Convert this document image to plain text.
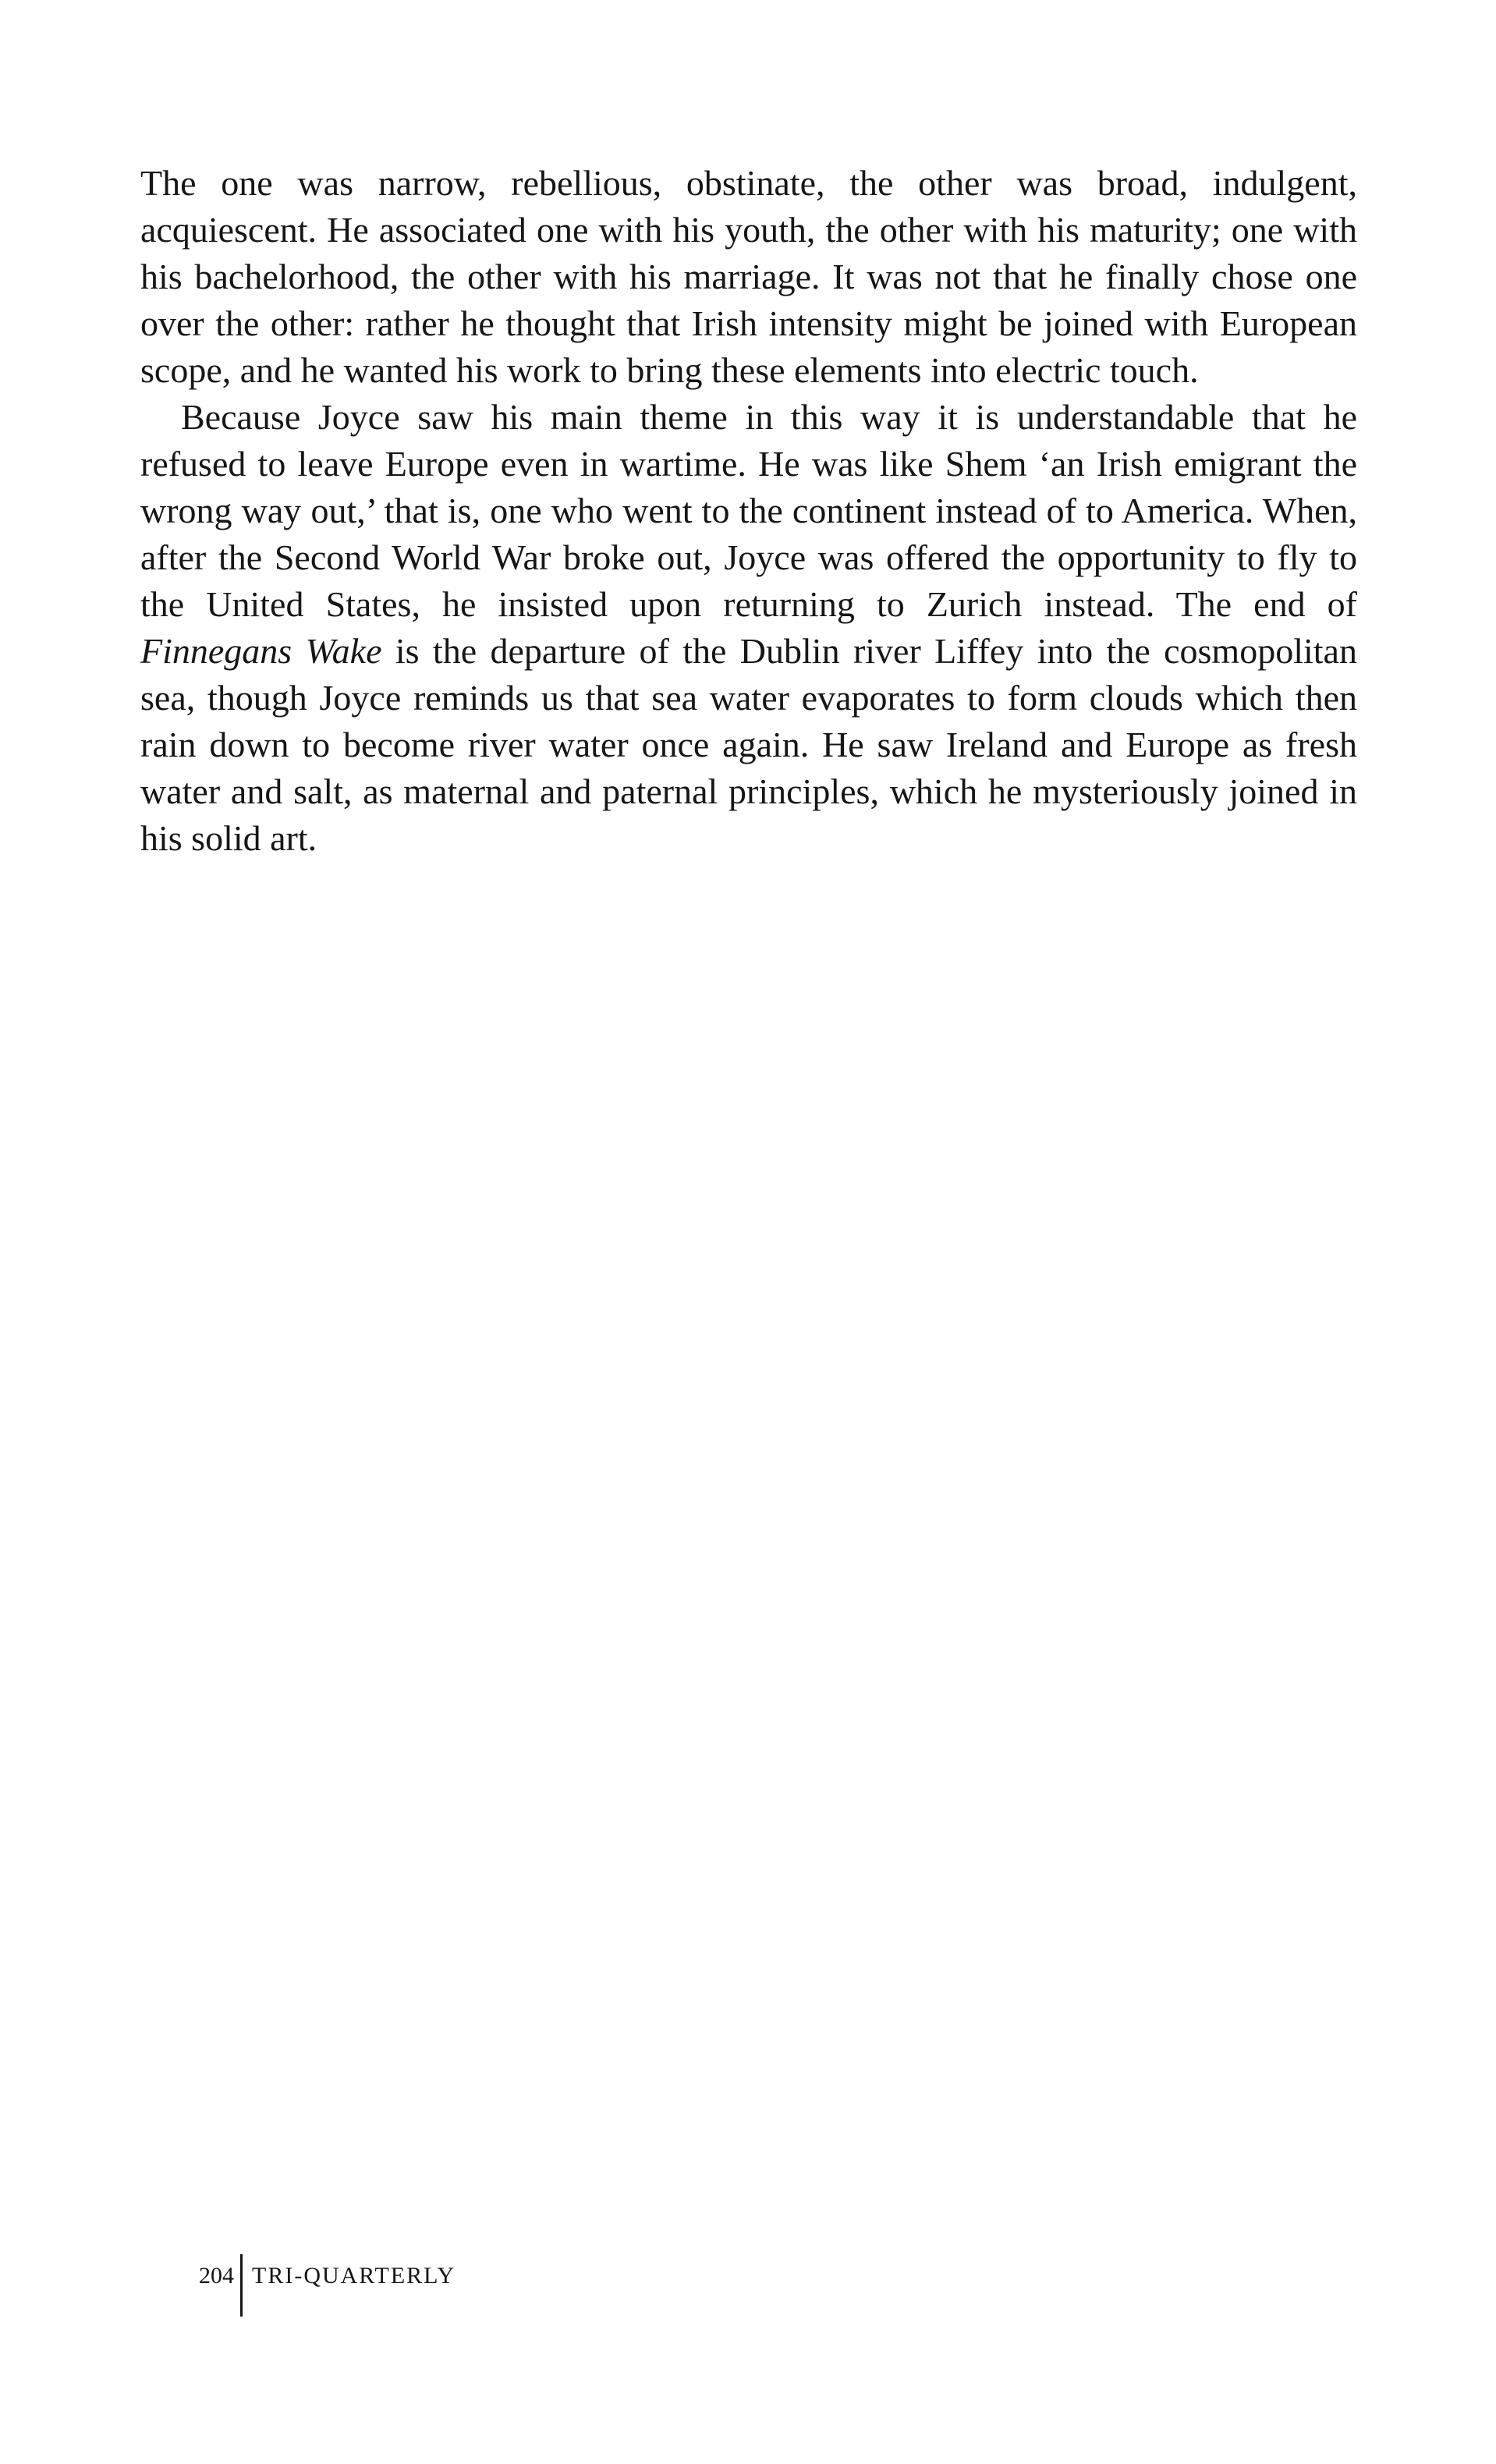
The one was narrow, rebellious, obstinate, the other was broad, indulgent, acquiescent. He associated one with his youth, the other with his maturity; one with his bachelorhood, the other with his marriage. It was not that he finally chose one over the other: rather he thought that Irish intensity might be joined with European scope, and he wanted his work to bring these elements into electric touch.

Because Joyce saw his main theme in this way it is understandable that he refused to leave Europe even in wartime. He was like Shem ‘an Irish emigrant the wrong way out,’ that is, one who went to the continent instead of to America. When, after the Second World War broke out, Joyce was offered the opportunity to fly to the United States, he insisted upon returning to Zurich instead. The end of Finnegans Wake is the departure of the Dublin river Liffey into the cosmopolitan sea, though Joyce reminds us that sea water evaporates to form clouds which then rain down to become river water once again. He saw Ireland and Europe as fresh water and salt, as maternal and paternal principles, which he mysteriously joined in his solid art.

204 TRI-QUARTERLY
